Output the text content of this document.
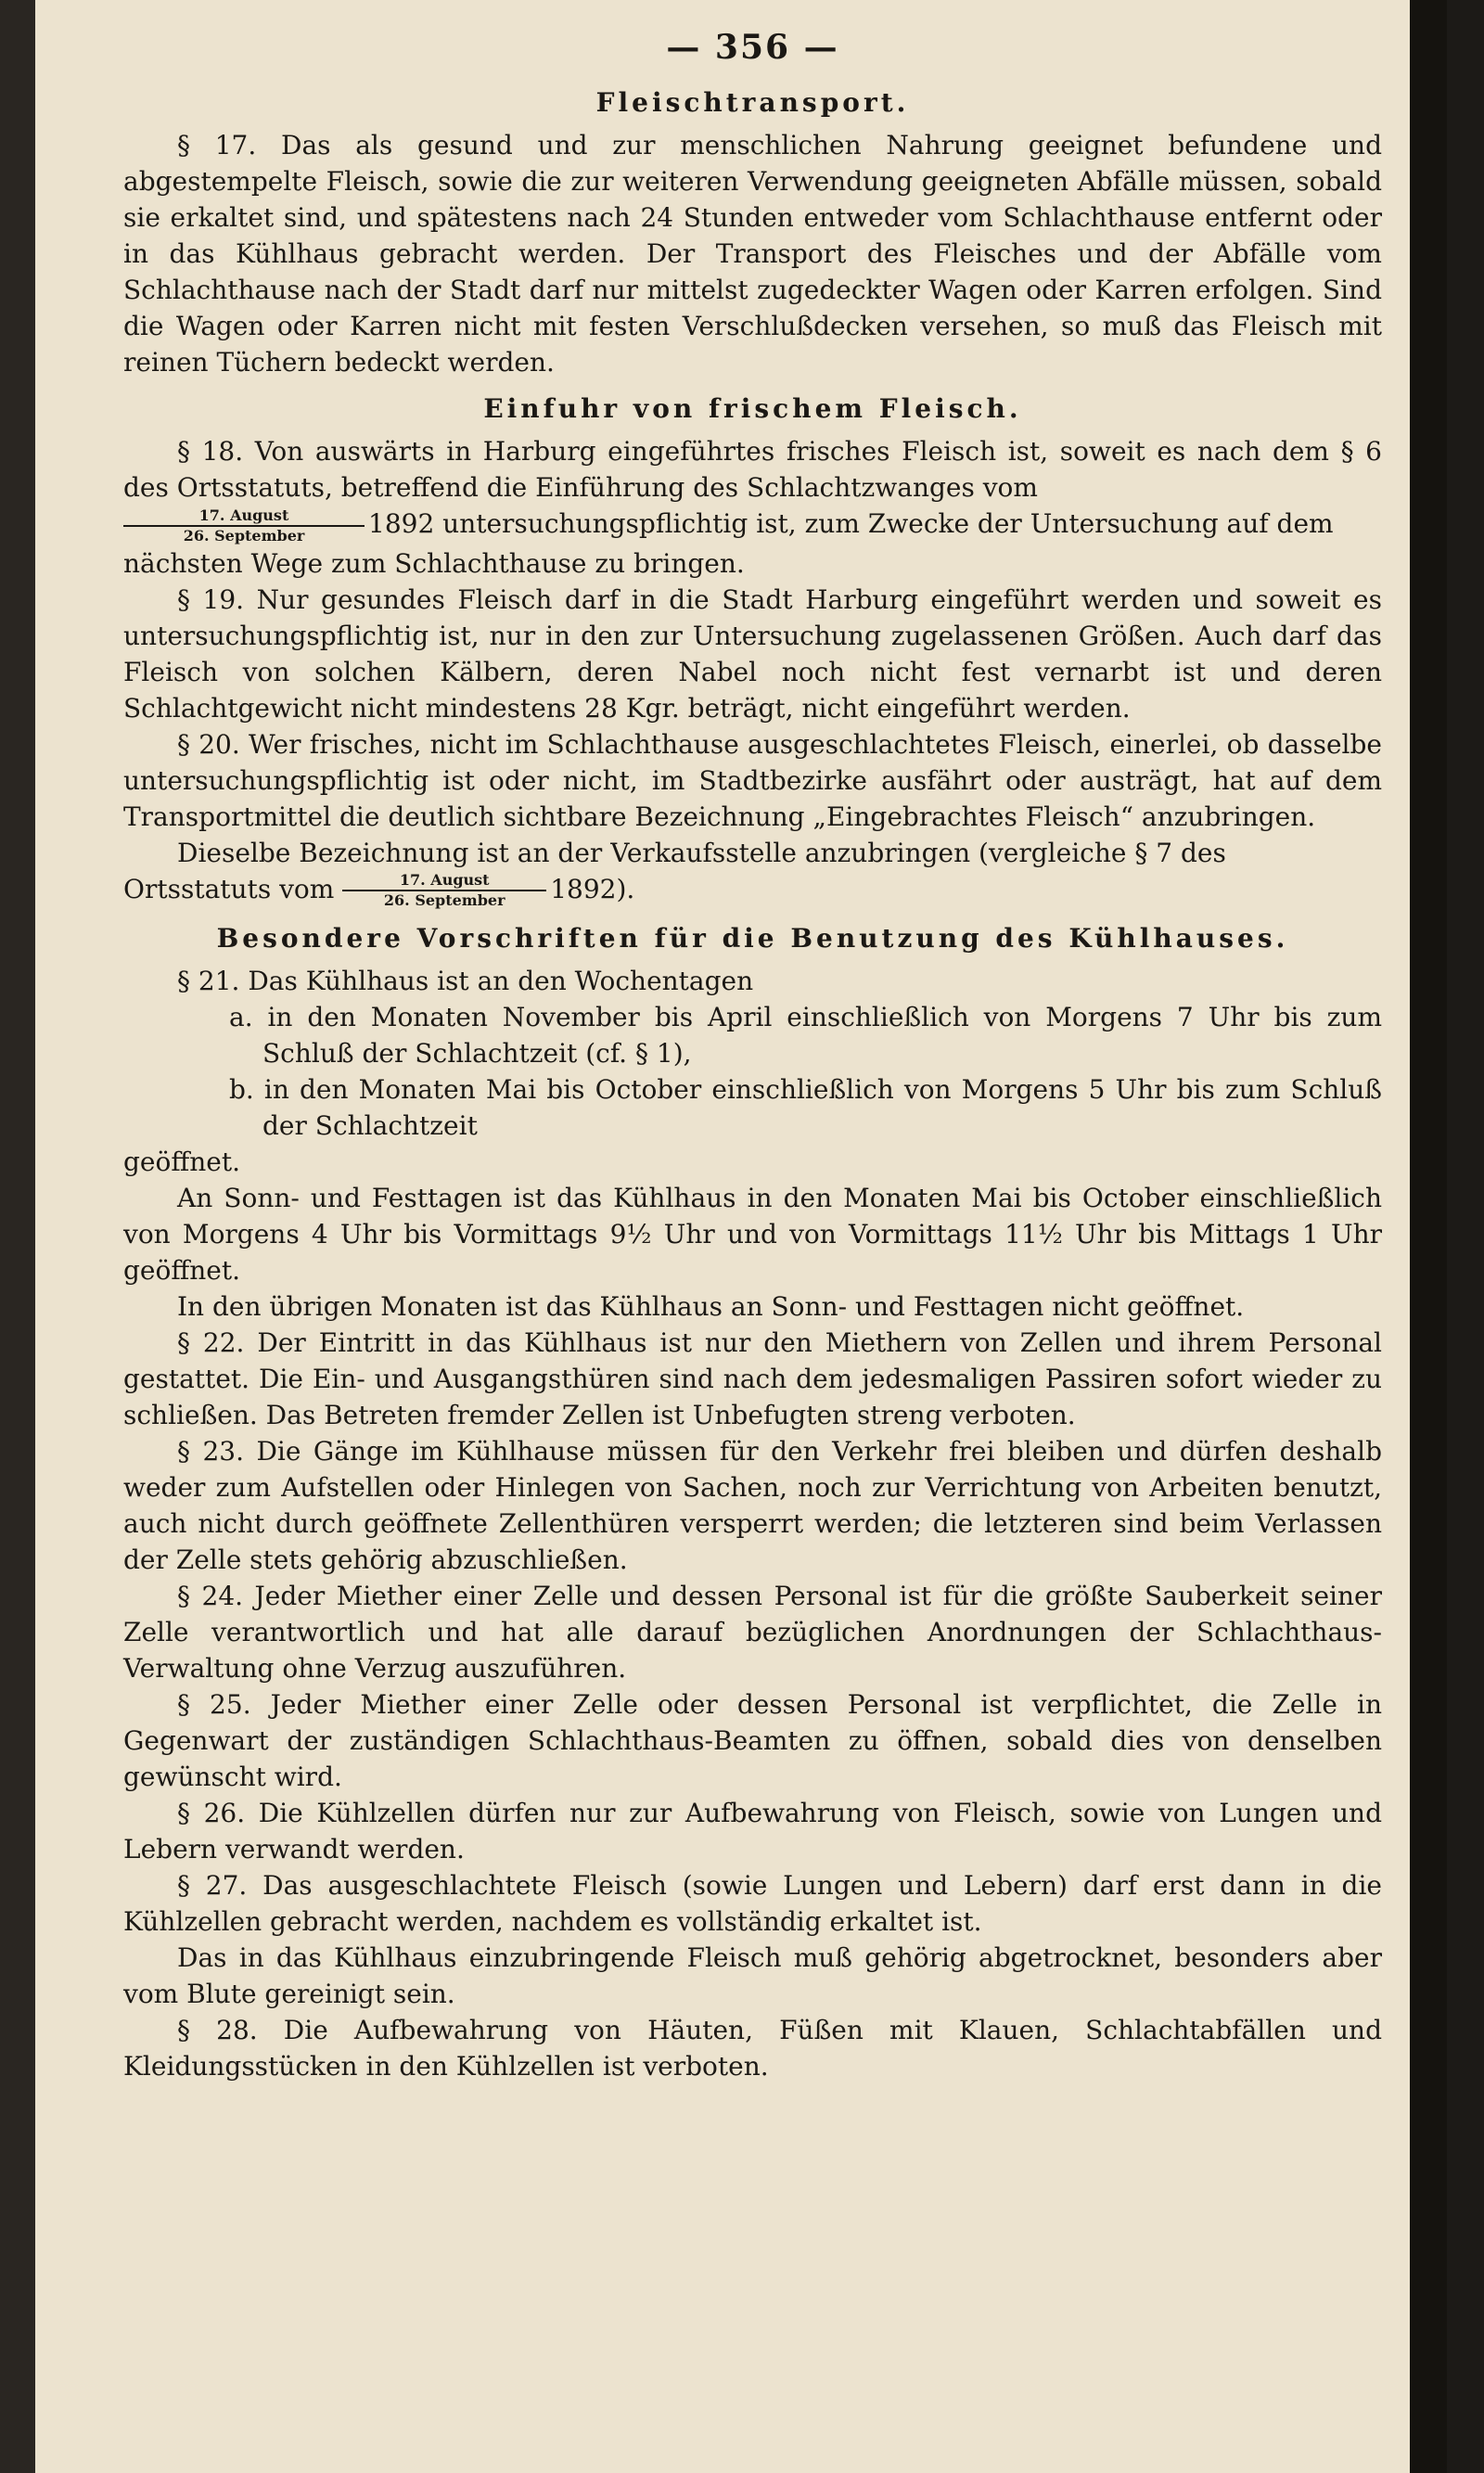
— 356 —
Fleischtransport.

§ 17. Das als gesund und zur menschlichen Nahrung geeignet befundene und abgestempelte Fleisch, sowie die zur weiteren Verwendung geeigneten Abfälle müssen, sobald sie erkaltet sind, und spätestens nach 24 Stunden entweder vom Schlachthause entfernt oder in das Kühlhaus gebracht werden. Der Transport des Fleisches und der Abfälle vom Schlachthause nach der Stadt darf nur mittelst zugedeckter Wagen oder Karren erfolgen. Sind die Wagen oder Karren nicht mit festen Verschlußdecken versehen, so muß das Fleisch mit reinen Tüchern bedeckt werden.

Einfuhr von frischem Fleisch.

§ 18. Von auswärts in Harburg eingeführtes frisches Fleisch ist, soweit es nach dem § 6 des Ortsstatuts, betreffend die Einführung des Schlachtzwanges vom

$\frac{\text{17. August}}{\text{26. September}} 1892$ untersuchungspflichtig ist, zum Zwecke der Untersuchung auf dem nächsten Wege zum Schlachthause zu bringen.

§ 19. Nur gesundes Fleisch darf in die Stadt Harburg eingeführt werden und soweit es untersuchungspflichtig ist, nur in den zur Untersuchung zugelassenen Größen. Auch darf das Fleisch von solchen Kälbern, deren Nabel noch nicht fest vernarbt ist und deren Schlachtgewicht nicht mindestens 28 Kgr. beträgt, nicht eingeführt werden.

§ 20. Wer frisches, nicht im Schlachthause ausgeschlachtetes Fleisch, einerlei, ob dasselbe untersuchungspflichtig ist oder nicht, im Stadtbezirke ausfährt oder austrägt, hat auf dem Transportmittel die deutlich sichtbare Bezeichnung „Eingebrachtes Fleisch“ anzubringen.

Dieselbe Bezeichnung ist an der Verkaufsstelle anzubringen (vergleiche § 7 des

Ortsstatuts vom $\frac{\text{17. August}}{\text{26. September}} 1892$).

Besondere Vorschriften für die Benutzung des Kühlhauses.

§ 21. Das Kühlhaus ist an den Wochentagen

a. in den Monaten November bis April einschließlich von Morgens 7 Uhr bis zum Schluß der Schlachtzeit (cf. § 1),

b. in den Monaten Mai bis October einschließlich von Morgens 5 Uhr bis zum Schluß der Schlachtzeit

geöffnet.

An Sonn- und Festtagen ist das Kühlhaus in den Monaten Mai bis October einschließlich von Morgens 4 Uhr bis Vormittags 9½ Uhr und von Vormittags 11½ Uhr bis Mittags 1 Uhr geöffnet.

In den übrigen Monaten ist das Kühlhaus an Sonn- und Festtagen nicht geöffnet.

§ 22. Der Eintritt in das Kühlhaus ist nur den Miethern von Zellen und ihrem Personal gestattet. Die Ein- und Ausgangsthüren sind nach dem jedesmaligen Passiren sofort wieder zu schließen. Das Betreten fremder Zellen ist Unbefugten streng verboten.

§ 23. Die Gänge im Kühlhause müssen für den Verkehr frei bleiben und dürfen deshalb weder zum Aufstellen oder Hinlegen von Sachen, noch zur Verrichtung von Arbeiten benutzt, auch nicht durch geöffnete Zellenthüren versperrt werden; die letzteren sind beim Verlassen der Zelle stets gehörig abzuschließen.

§ 24. Jeder Miether einer Zelle und dessen Personal ist für die größte Sauberkeit seiner Zelle verantwortlich und hat alle darauf bezüglichen Anordnungen der Schlachthaus-Verwaltung ohne Verzug auszuführen.

§ 25. Jeder Miether einer Zelle oder dessen Personal ist verpflichtet, die Zelle in Gegenwart der zuständigen Schlachthaus-Beamten zu öffnen, sobald dies von denselben gewünscht wird.

§ 26. Die Kühlzellen dürfen nur zur Aufbewahrung von Fleisch, sowie von Lungen und Lebern verwandt werden.

§ 27. Das ausgeschlachtete Fleisch (sowie Lungen und Lebern) darf erst dann in die Kühlzellen gebracht werden, nachdem es vollständig erkaltet ist.

Das in das Kühlhaus einzubringende Fleisch muß gehörig abgetrocknet, besonders aber vom Blute gereinigt sein.

§ 28. Die Aufbewahrung von Häuten, Füßen mit Klauen, Schlachtabfällen und Kleidungsstücken in den Kühlzellen ist verboten.
